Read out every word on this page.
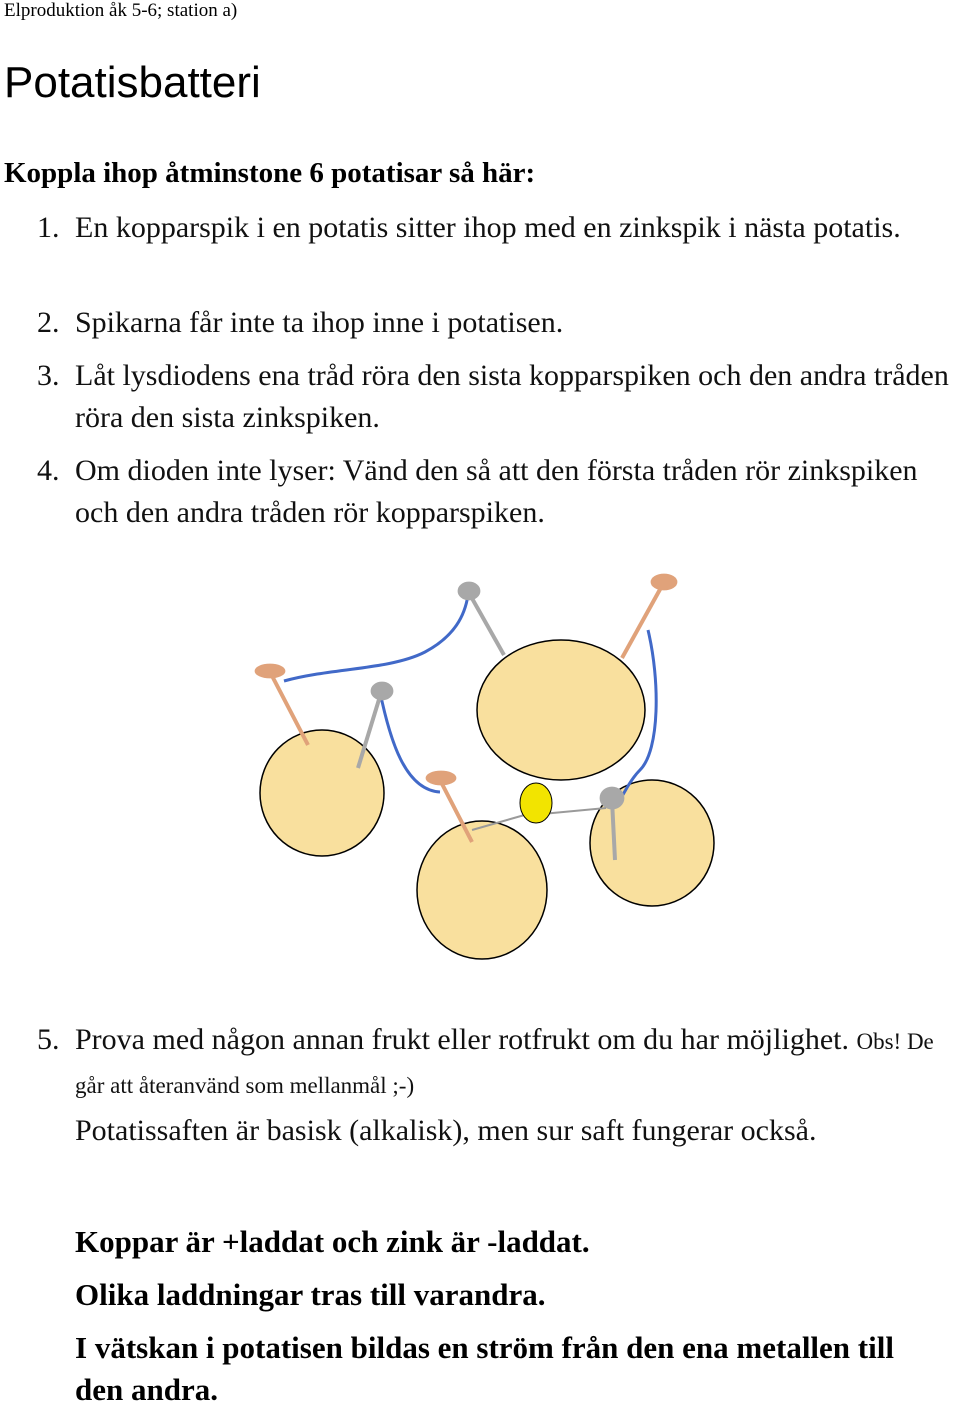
Elproduktion åk 5-6; station a)
Potatisbatteri
Koppla ihop åtminstone 6 potatisar så här:
1. En kopparspik i en potatis sitter ihop med en zinkspik i nästa potatis.
2. Spikarna får inte ta ihop inne i potatisen.
3. Låt lysdiodens ena tråd röra den sista kopparspiken och den andra tråden röra den sista zinkspiken.
4. Om dioden inte lyser: Vänd den så att den första tråden rör zinkspiken och den andra tråden rör kopparspiken.
5. Prova med någon annan frukt eller rotfrukt om du har möjlighet. Obs! De går att återanvänd som mellanmål ;-)
Potatissaften är basisk (alkalisk), men sur saft fungerar också.
Koppar är +laddat och zink är -laddat.
Olika laddningar tras till varandra.
I vätskan i potatisen bildas en ström från den ena metallen till den andra.
